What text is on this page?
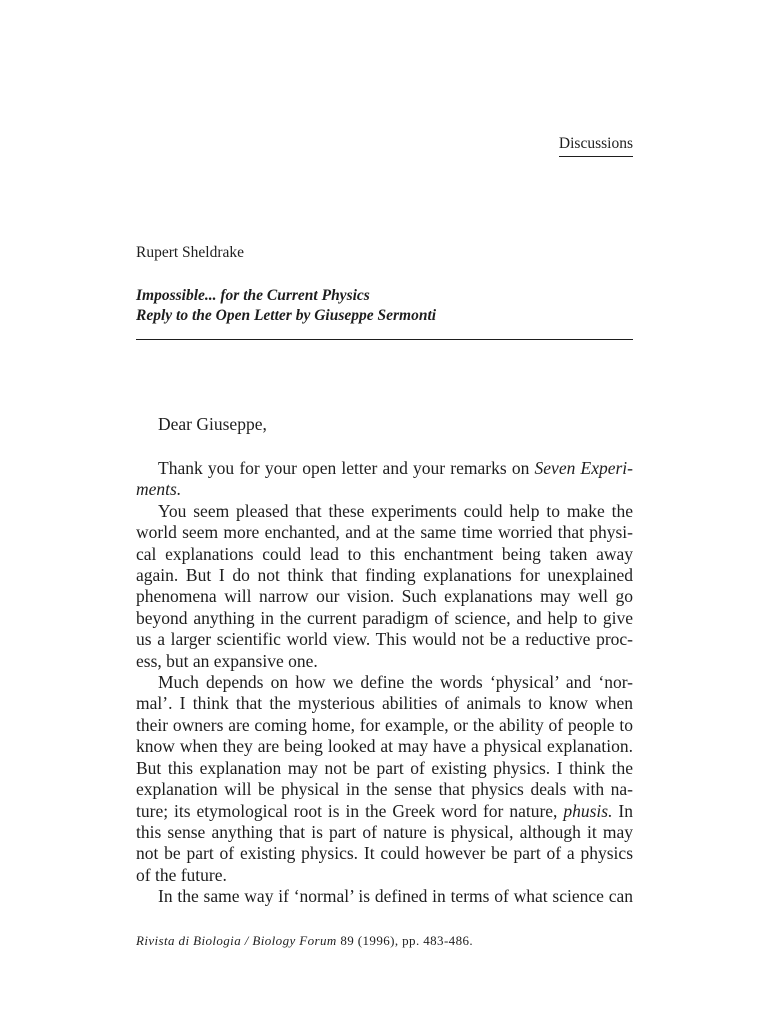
Discussions
Rupert Sheldrake
Impossible... for the Current Physics
Reply to the Open Letter by Giuseppe Sermonti
Dear Giuseppe,
Thank you for your open letter and your remarks on Seven Experi-
ments.
You seem pleased that these experiments could help to make the
world seem more enchanted, and at the same time worried that physi-
cal explanations could lead to this enchantment being taken away
again. But I do not think that finding explanations for unexplained
phenomena will narrow our vision. Such explanations may well go
beyond anything in the current paradigm of science, and help to give
us a larger scientific world view. This would not be a reductive proc-
ess, but an expansive one.
Much depends on how we define the words ‘physical’ and ‘nor-
mal’. I think that the mysterious abilities of animals to know when
their owners are coming home, for example, or the ability of people to
know when they are being looked at may have a physical explanation.
But this explanation may not be part of existing physics. I think the
explanation will be physical in the sense that physics deals with na-
ture; its etymological root is in the Greek word for nature, phusis. In
this sense anything that is part of nature is physical, although it may
not be part of existing physics. It could however be part of a physics
of the future.
In the same way if ‘normal’ is defined in terms of what science can
Rivista di Biologia / Biology Forum 89 (1996), pp. 483-486.
